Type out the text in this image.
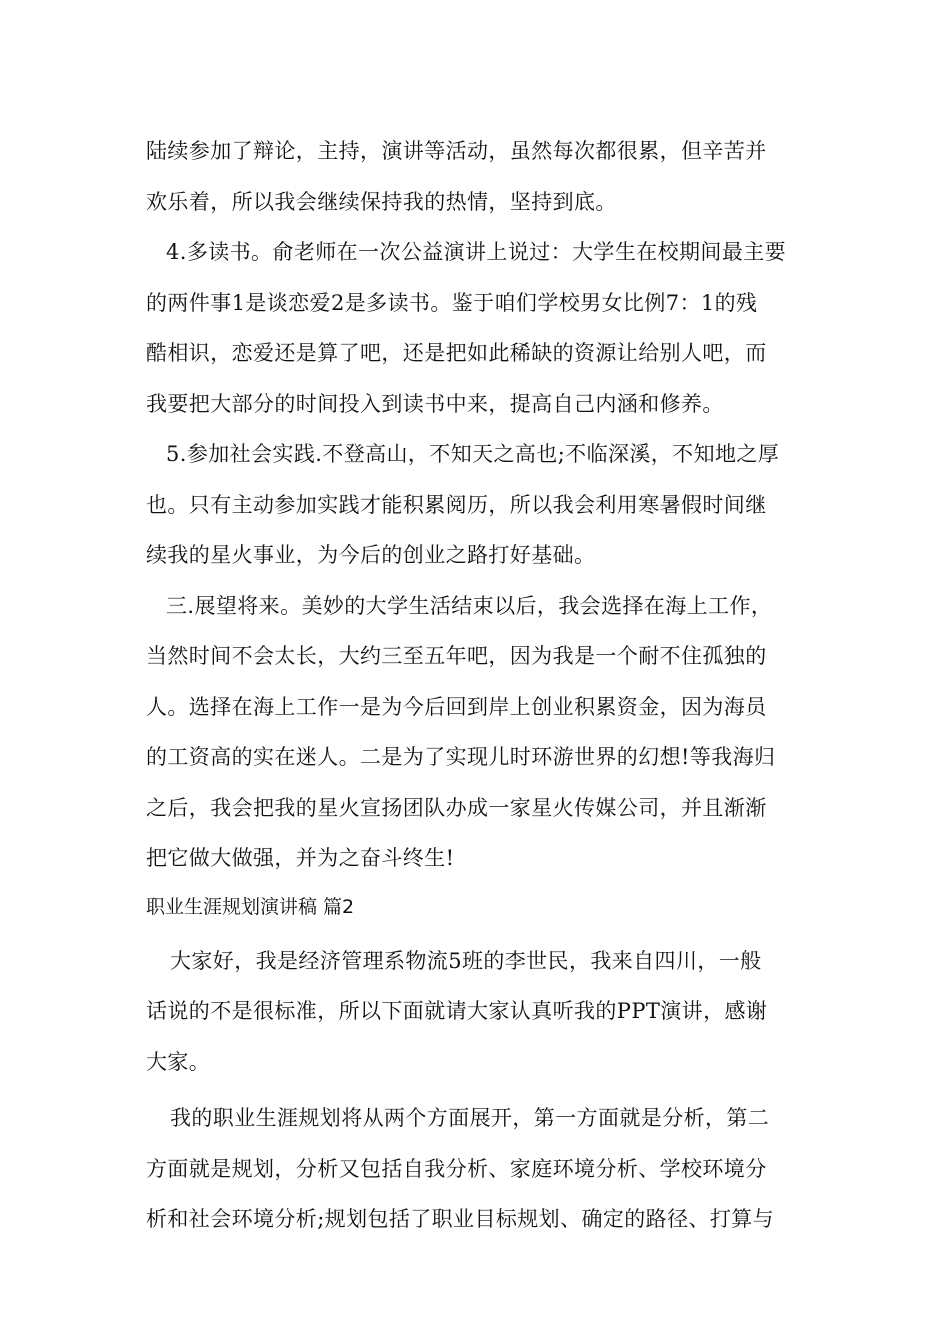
陆续参加了辩论，主持，演讲等活动，虽然每次都很累，但辛苦并
欢乐着，所以我会继续保持我的热情，坚持到底。
4.多读书。俞老师在一次公益演讲上说过：大学生在校期间最主要
的两件事1是谈恋爱2是多读书。鉴于咱们学校男女比例7：1的残
酷相识，恋爱还是算了吧，还是把如此稀缺的资源让给别人吧，而
我要把大部分的时间投入到读书中来，提高自己内涵和修养。
5.参加社会实践.不登高山，不知天之高也;不临深溪，不知地之厚
也。只有主动参加实践才能积累阅历，所以我会利用寒暑假时间继
续我的星火事业，为今后的创业之路打好基础。
三.展望将来。美妙的大学生活结束以后，我会选择在海上工作，
当然时间不会太长，大约三至五年吧，因为我是一个耐不住孤独的
人。选择在海上工作一是为今后回到岸上创业积累资金，因为海员
的工资高的实在迷人。二是为了实现儿时环游世界的幻想!等我海归
之后，我会把我的星火宣扬团队办成一家星火传媒公司，并且渐渐
把它做大做强，并为之奋斗终生!
职业生涯规划演讲稿 篇2
大家好，我是经济管理系物流5班的李世民，我来自四川，一般
话说的不是很标准，所以下面就请大家认真听我的PPT演讲，感谢
大家。
我的职业生涯规划将从两个方面展开，第一方面就是分析，第二
方面就是规划，分析又包括自我分析、家庭环境分析、学校环境分
析和社会环境分析;规划包括了职业目标规划、确定的路径、打算与
